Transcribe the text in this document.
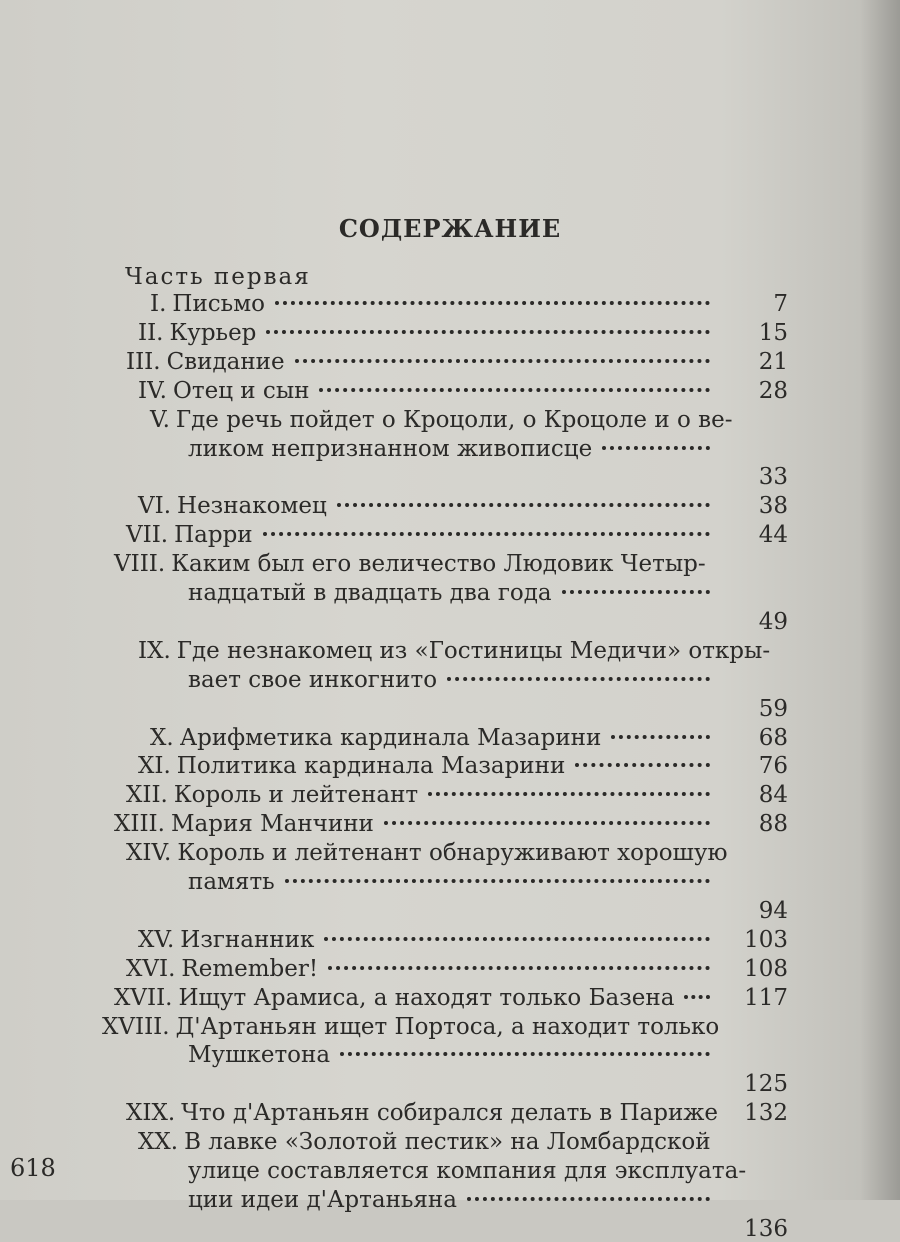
СОДЕРЖАНИЕ
Часть первая
I. Письмо	7
II. Курьер	15
III. Свидание	21
IV. Отец и сын	28
V. Где речь пойдет о Кроцоли, о Кроцоле и о ве-
ликом непризнанном живописце
33
VI. Незнакомец	38
VII. Парри	44
VIII. Каким был его величество Людовик Четыр-
надцатый в двадцать два года
49
IX. Где незнакомец из «Гостиницы Медичи» откры-
вает свое инкогнито
59
X. Арифметика кардинала Мазарини	68
XI. Политика кардинала Мазарини	76
XII. Король и лейтенант	84
XIII. Мария Манчини	88
XIV. Король и лейтенант обнаруживают хорошую
память
94
XV. Изгнанник	103
XVI. Remember!	108
XVII. Ищут Арамиса, а находят только Базена	117
XVIII. Д'Артаньян ищет Портоса, а находит только
Мушкетона
125
XIX. Что д'Артаньян собирался делать в Париже	132
XX. В лавке «Золотой пестик» на Ломбардской
улице составляется компания для эксплуата-
ции идеи д'Артаньяна
136
618
